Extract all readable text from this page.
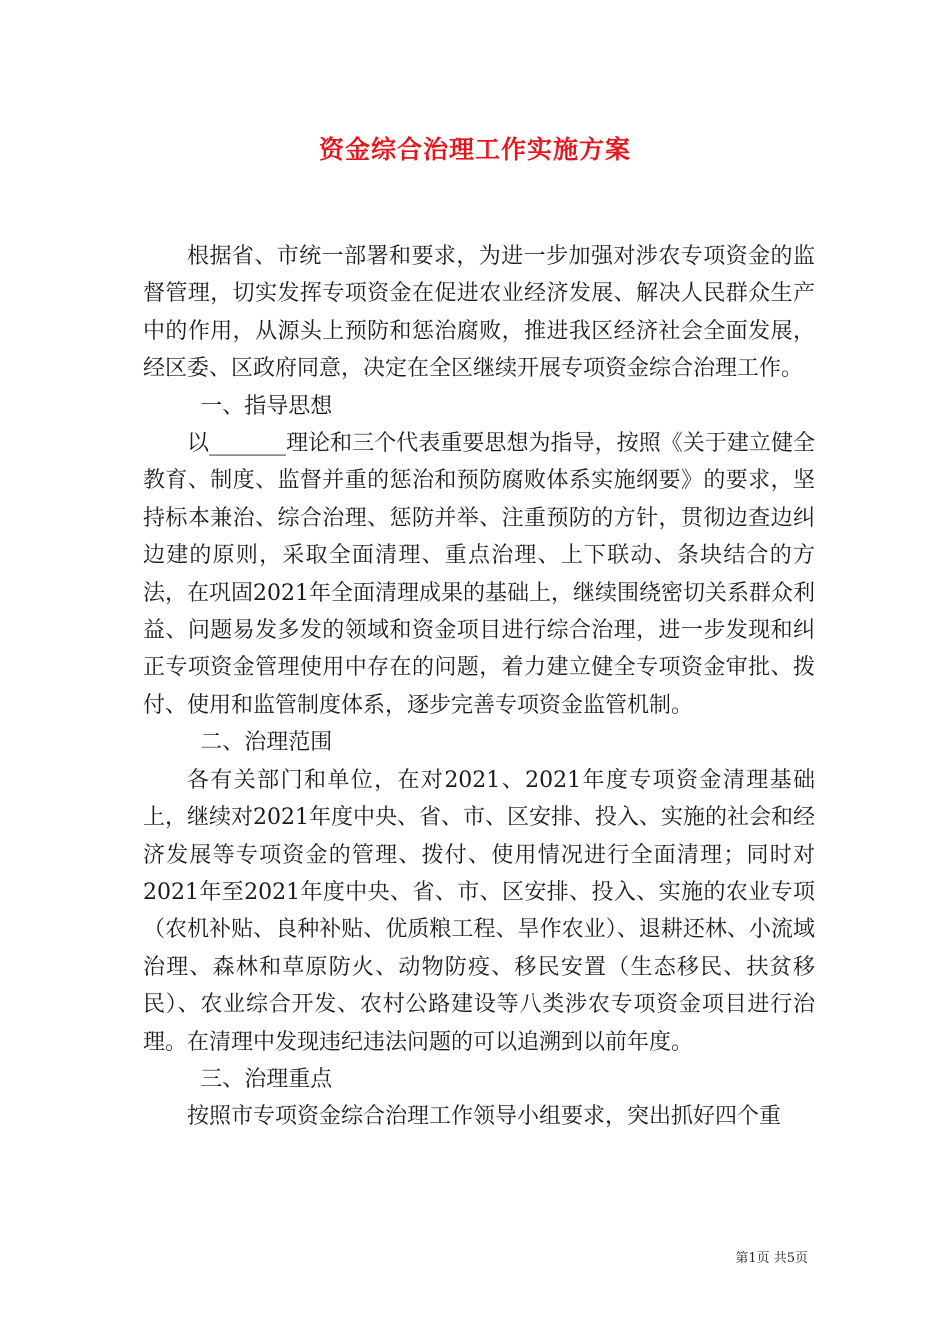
资金综合治理工作实施方案

根据省、市统一部署和要求，为进一步加强对涉农专项资金的监督管理，切实发挥专项资金在促进农业经济发展、解决人民群众生产中的作用，从源头上预防和惩治腐败，推进我区经济社会全面发展，经区委、区政府同意，决定在全区继续开展专项资金综合治理工作。

一、指导思想

以_______理论和三个代表重要思想为指导，按照《关于建立健全教育、制度、监督并重的惩治和预防腐败体系实施纲要》的要求，坚持标本兼治、综合治理、惩防并举、注重预防的方针，贯彻边查边纠边建的原则，采取全面清理、重点治理、上下联动、条块结合的方法，在巩固2021年全面清理成果的基础上，继续围绕密切关系群众利益、问题易发多发的领域和资金项目进行综合治理，进一步发现和纠正专项资金管理使用中存在的问题，着力建立健全专项资金审批、拨付、使用和监管制度体系，逐步完善专项资金监管机制。

二、治理范围

各有关部门和单位，在对2021、2021年度专项资金清理基础上，继续对2021年度中央、省、市、区安排、投入、实施的社会和经济发展等专项资金的管理、拨付、使用情况进行全面清理；同时对2021年至2021年度中央、省、市、区安排、投入、实施的农业专项（农机补贴、良种补贴、优质粮工程、旱作农业）、退耕还林、小流域治理、森林和草原防火、动物防疫、移民安置（生态移民、扶贫移民）、农业综合开发、农村公路建设等八类涉农专项资金项目进行治理。在清理中发现违纪违法问题的可以追溯到以前年度。

三、治理重点

按照市专项资金综合治理工作领导小组要求，突出抓好四个重

第1页 共5页
